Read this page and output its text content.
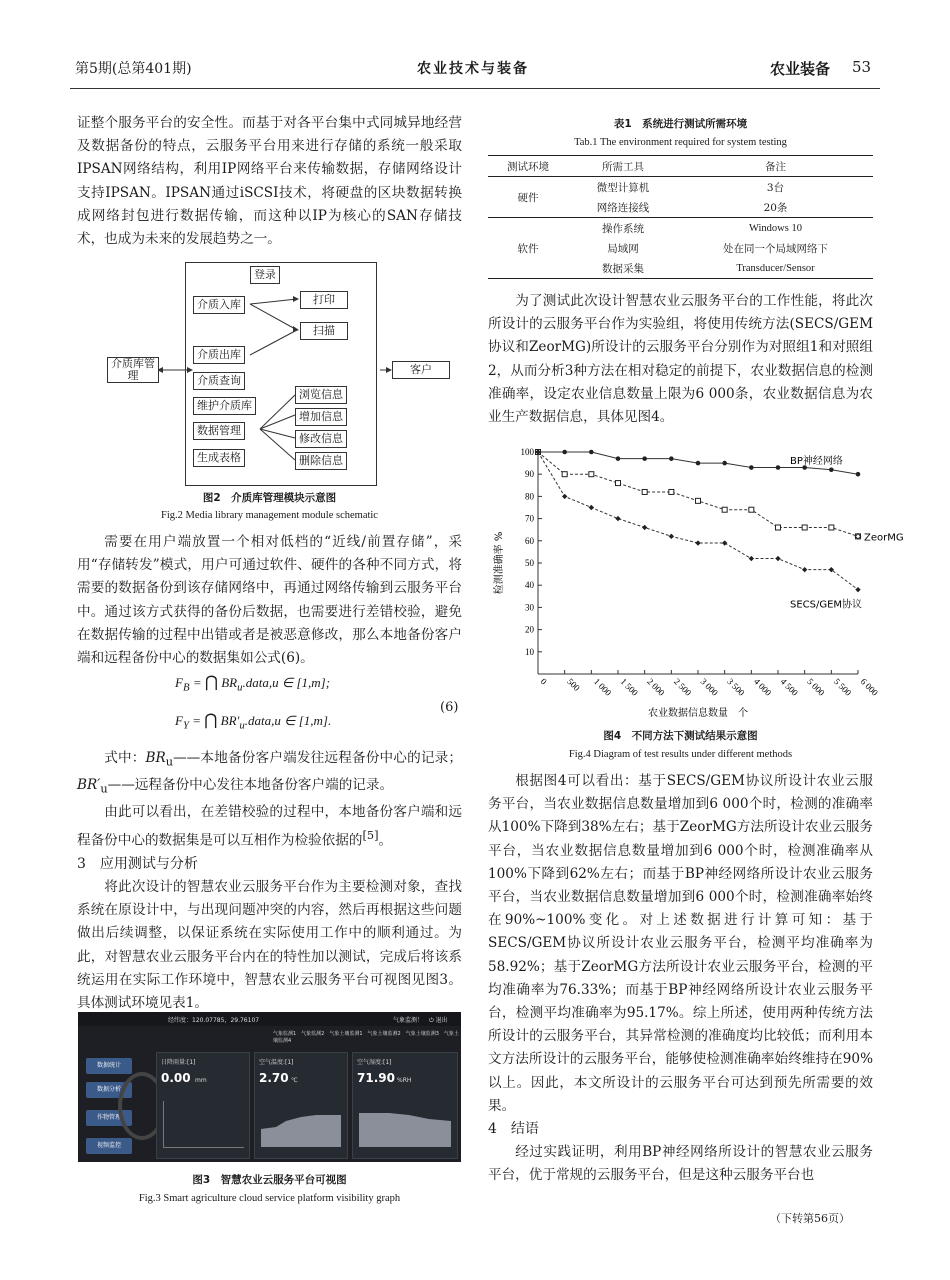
第5期(总第401期)	农业技术与装备	农业装备 53

证整个服务平台的安全性。而基于对各平台集中式同城异地经营及数据备份的特点，云服务平台用来进行存储的系统一般采取IPSAN网络结构，利用IP网络平台来传输数据，存储网络设计支持IPSAN。IPSAN通过iSCSI技术，将硬盘的区块数据转换成网络封包进行数据传输，而这种以IP为核心的SAN存储技术，也成为未来的发展趋势之一。

登录
介质库管理	客户
介质入库
介质出库
介质查询
维护介质库
数据管理
生成表格
打印
扫描
浏览信息
增加信息
修改信息
删除信息
图2　介质库管理模块示意图
Fig.2 Media library management module schematic

需要在用户端放置一个相对低档的“近线/前置存储”，采用“存储转发”模式，用户可通过软件、硬件的各种不同方式，将需要的数据备份到该存储网络中，再通过网络传输到云服务平台中。通过该方式获得的备份后数据，也需要进行差错校验，避免在数据传输的过程中出错或者是被恶意修改，那么本地备份客户端和远程备份中心的数据集如公式(6)。

$F_B$ = ⋂ $BR_u.data,u$ ∈ [1,m];
$F_Y$ = ⋂ $BR'_u.data,u$ ∈ [1,m].
(6)

式中：$BR_u——$本地备份客户端发往远程备份中心的记录；$BR'_u——$远程备份中心发往本地备份客户端的记录。

由此可以看出，在差错校验的过程中，本地备份客户端和远程备份中心的数据集是可以互相作为检验依据的[5]。

3　应用测试与分析

将此次设计的智慧农业云服务平台作为主要检测对象，查找系统在原设计中，与出现问题冲突的内容，然后再根据这些问题做出后续调整，以保证系统在实际使用工作中的顺利通过。为此，对智慧农业云服务平台内在的特性加以测试，完成后将该系统运用在实际工作环境中，智慧农业云服务平台可视图见图3。具体测试环境见表1。

经纬度：120.07785，29.76107	气象监测！　⏻ 退出
气象监测1　气象监测2　气象土壤监测1　气象土壤监测2　气象土壤监测3　气象土壤监测4
数据统计
数据分析
作物管理
视频监控
日降雨量:[1]
0.00 mm
空气温度:[1]
2.70 ℃
空气湿度:[1]
71.90 %RH
图3　智慧农业云服务平台可视图
Fig.3 Smart agriculture cloud service platform visibility graph
表1　系统进行测试所需环境
Tab.1 The environment required for system testing
测试环境	所需工具	备注
硬件	微型计算机	3台
	网络连接线	20条
软件	操作系统	Windows 10
	局域网	处在同一个局域网络下
	数据采集	Transducer/Sensor

为了测试此次设计智慧农业云服务平台的工作性能，将此次所设计的云服务平台作为实验组，将使用传统方法(SECS/GEM协议和ZeorMG)所设计的云服务平台分别作为对照组1和对照组2，从而分析3种方法在相对稳定的前提下，农业数据信息的检测准确率，设定农业信息数量上限为6 000条，农业数据信息为农业生产数据信息，具体见图4。

10
20
30
40
50
60
70
80
90
100
0 500 1 000 1 500 2 000 2 500 3 000 3 500 4 000 4 500 5 000 5 500 6 000
检测准确率 %
农业数据信息数量　个
BP神经网络
ZeorMG
SECS/GEM协议
图4　不同方法下测试结果示意图
Fig.4 Diagram of test results under different methods

根据图4可以看出：基于SECS/GEM协议所设计农业云服务平台，当农业数据信息数量增加到6 000个时，检测的准确率从100%下降到38%左右；基于ZeorMG方法所设计农业云服务平台，当农业数据信息数量增加到6 000个时，检测准确率从100%下降到62%左右；而基于BP神经网络所设计农业云服务平台，当农业数据信息数量增加到6 000个时，检测准确率始终在90%~100%变化。对上述数据进行计算可知：基于SECS/GEM协议所设计农业云服务平台，检测平均准确率为58.92%；基于ZeorMG方法所设计农业云服务平台，检测的平均准确率为76.33%；而基于BP神经网络所设计农业云服务平台，检测平均准确率为95.17%。综上所述，使用两种传统方法所设计的云服务平台，其异常检测的准确度均比较低；而利用本文方法所设计的云服务平台，能够使检测准确率始终维持在90%以上。因此，本文所设计的云服务平台可达到预先所需要的效果。

4　结语

经过实践证明，利用BP神经网络所设计的智慧农业云服务平台，优于常规的云服务平台，但是这种云服务平台也

（下转第56页）
